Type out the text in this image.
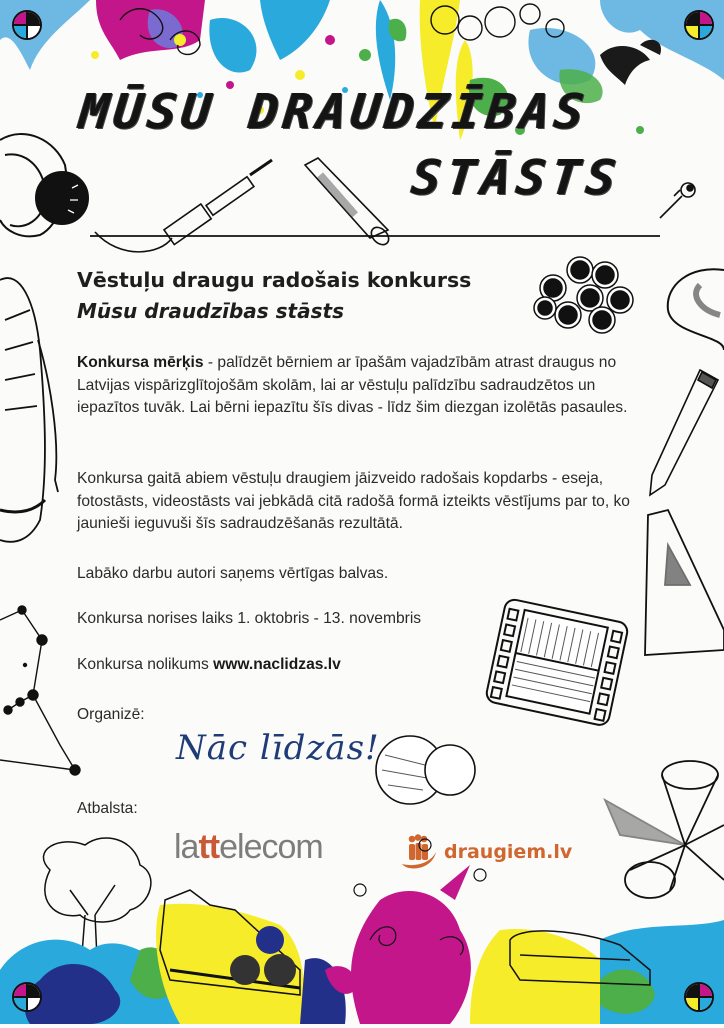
MŪSU DRAUDZĪBAS
STĀSTS
Vēstuļu draugu radošais konkurss
Mūsu draudzības stāsts
Konkursa mērķis - palīdzēt bērniem ar īpašām vajadzībām atrast draugus no Latvijas vispārizglītojošām skolām, lai ar vēstuļu palīdzību sadraudzētos un iepazītos tuvāk. Lai bērni iepazītu šīs divas - līdz šim diezgan izolētās pasaules.
Konkursa gaitā abiem vēstuļu draugiem jāizveido radošais kopdarbs - eseja, fotostāsts, videostāsts vai jebkādā citā radošā formā izteikts vēstījums par to, ko jaunieši ieguvuši šīs sadraudzēšanās rezultātā.
Labāko darbu autori saņems vērtīgas balvas.
Konkursa norises laiks 1. oktobris - 13. novembris
Konkursa nolikums www.naclidzas.lv
Organizē:
Nāc līdzās!
Atbalsta:
lattelecom	draugiem.lv
